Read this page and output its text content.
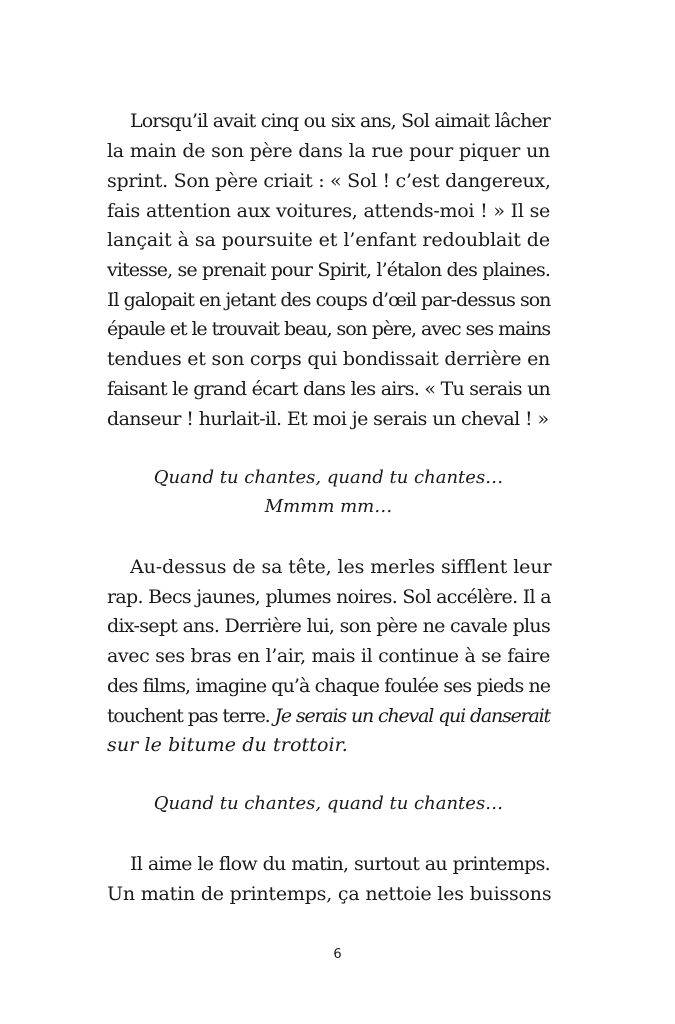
Lorsqu’il avait cinq ou six ans, Sol aimait lâcher
la main de son père dans la rue pour piquer un
sprint. Son père criait : « Sol ! c’est dangereux,
fais attention aux voitures, attends-moi ! » Il se
lançait à sa poursuite et l’enfant redoublait de
vitesse, se prenait pour Spirit, l’étalon des plaines.
Il galopait en jetant des coups d’œil par-dessus son
épaule et le trouvait beau, son père, avec ses mains
tendues et son corps qui bondissait derrière en
faisant le grand écart dans les airs. « Tu serais un
danseur ! hurlait-il. Et moi je serais un cheval ! »
Quand tu chantes, quand tu chantes…
Mmmm mm…
Au-dessus de sa tête, les merles sifflent leur
rap. Becs jaunes, plumes noires. Sol accélère. Il a
dix-sept ans. Derrière lui, son père ne cavale plus
avec ses bras en l’air, mais il continue à se faire
des films, imagine qu’à chaque foulée ses pieds ne
touchent pas terre. Je serais un cheval qui danserait
sur le bitume du trottoir.
Quand tu chantes, quand tu chantes…
Il aime le flow du matin, surtout au printemps.
Un matin de printemps, ça nettoie les buissons
6
